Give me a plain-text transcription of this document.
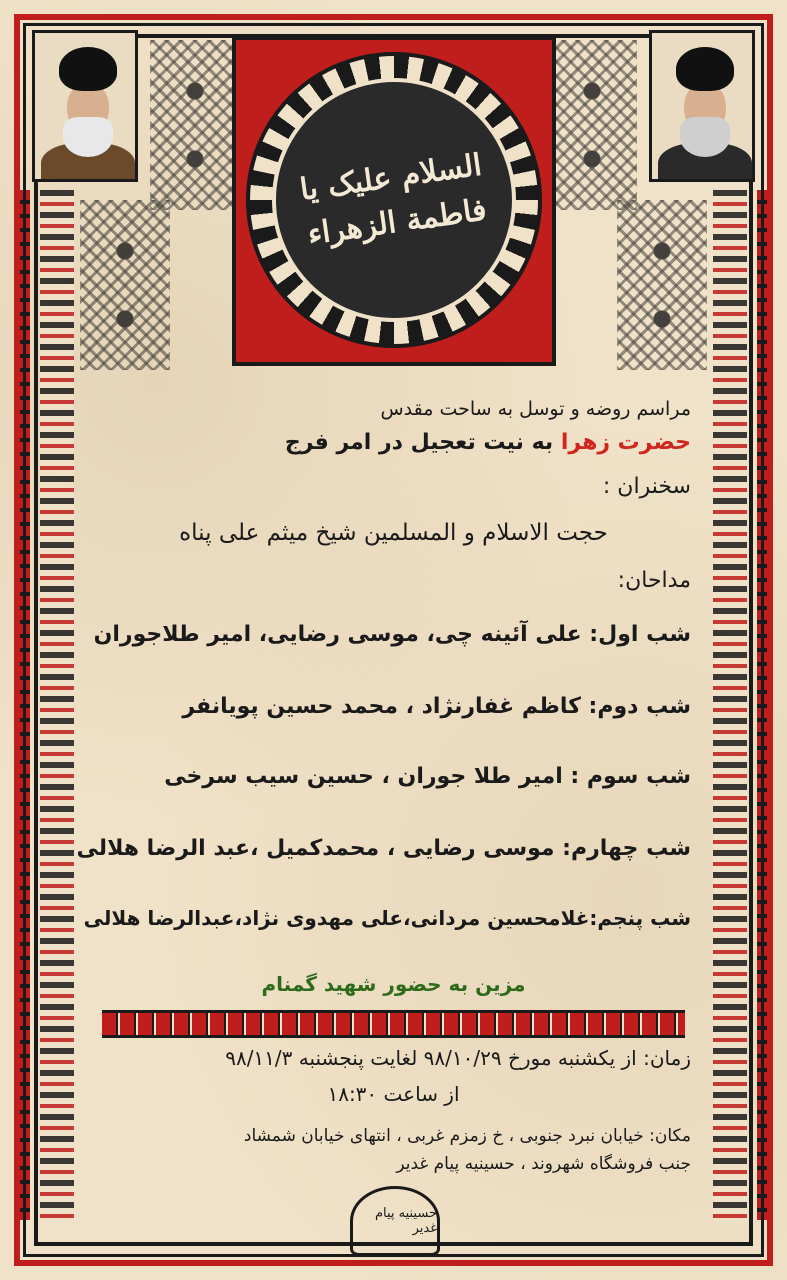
السلام علیک یا فاطمة الزهراء
مراسم روضه و توسل به ساحت مقدس
حضرت زهرا به نیت تعجیل در امر فرج
سخنران :
حجت الاسلام و المسلمین شیخ میثم علی پناه
مداحان:
شب اول: علی آئینه چی، موسی رضایی، امیر طلاجوران
شب دوم: کاظم غفارنژاد ، محمد حسین پویانفر
شب سوم : امیر طلا جوران ، حسین سیب سرخی
شب چهارم: موسی رضایی ، محمدکمیل ،عبد الرضا هلالی
شب پنجم:غلامحسین مردانی،علی مهدوی نژاد،عبدالرضا هلالی
مزین به حضور شهید گمنام
زمان: از یکشنبه مورخ ۹۸/۱۰/۲۹ لغایت پنجشنبه ۹۸/۱۱/۳
از ساعت ۱۸:۳۰
مکان: خیابان نبرد جنوبی ، خ زمزم غربی ، انتهای خیابان شمشاد
جنب فروشگاه شهروند ، حسینیه پیام غدیر
حسینیه پیام غدیر
